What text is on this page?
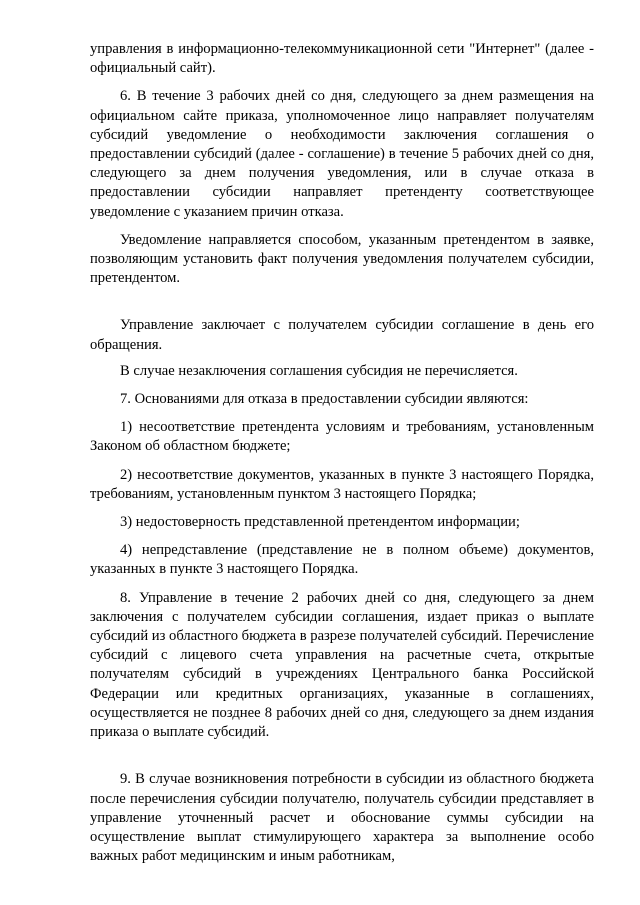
управления в информационно-телекоммуникационной сети "Интернет" (далее - официальный сайт).

6. В течение 3 рабочих дней со дня, следующего за днем размещения на официальном сайте приказа, уполномоченное лицо направляет получателям субсидий уведомление о необходимости заключения соглашения о предоставлении субсидий (далее - соглашение) в течение 5 рабочих дней со дня, следующего за днем получения уведомления, или в случае отказа в предоставлении субсидии направляет претенденту соответствующее уведомление с указанием причин отказа.

Уведомление направляется способом, указанным претендентом в заявке, позволяющим установить факт получения уведомления получателем субсидии, претендентом.

Управление заключает с получателем субсидии соглашение в день его обращения.

В случае незаключения соглашения субсидия не перечисляется.

7. Основаниями для отказа в предоставлении субсидии являются:

1) несоответствие претендента условиям и требованиям, установленным Законом об областном бюджете;

2) несоответствие документов, указанных в пункте 3 настоящего Порядка, требованиям, установленным пунктом 3 настоящего Порядка;

3) недостоверность представленной претендентом информации;

4) непредставление (представление не в полном объеме) документов, указанных в пункте 3 настоящего Порядка.

8. Управление в течение 2 рабочих дней со дня, следующего за днем заключения с получателем субсидии соглашения, издает приказ о выплате субсидий из областного бюджета в разрезе получателей субсидий. Перечисление субсидий с лицевого счета управления на расчетные счета, открытые получателям субсидий в учреждениях Центрального банка Российской Федерации или кредитных организациях, указанные в соглашениях, осуществляется не позднее 8 рабочих дней со дня, следующего за днем издания приказа о выплате субсидий.

9. В случае возникновения потребности в субсидии из областного бюджета после перечисления субсидии получателю, получатель субсидии представляет в управление уточненный расчет и обоснование суммы субсидии на осуществление выплат стимулирующего характера за выполнение особо важных работ медицинским и иным работникам,
